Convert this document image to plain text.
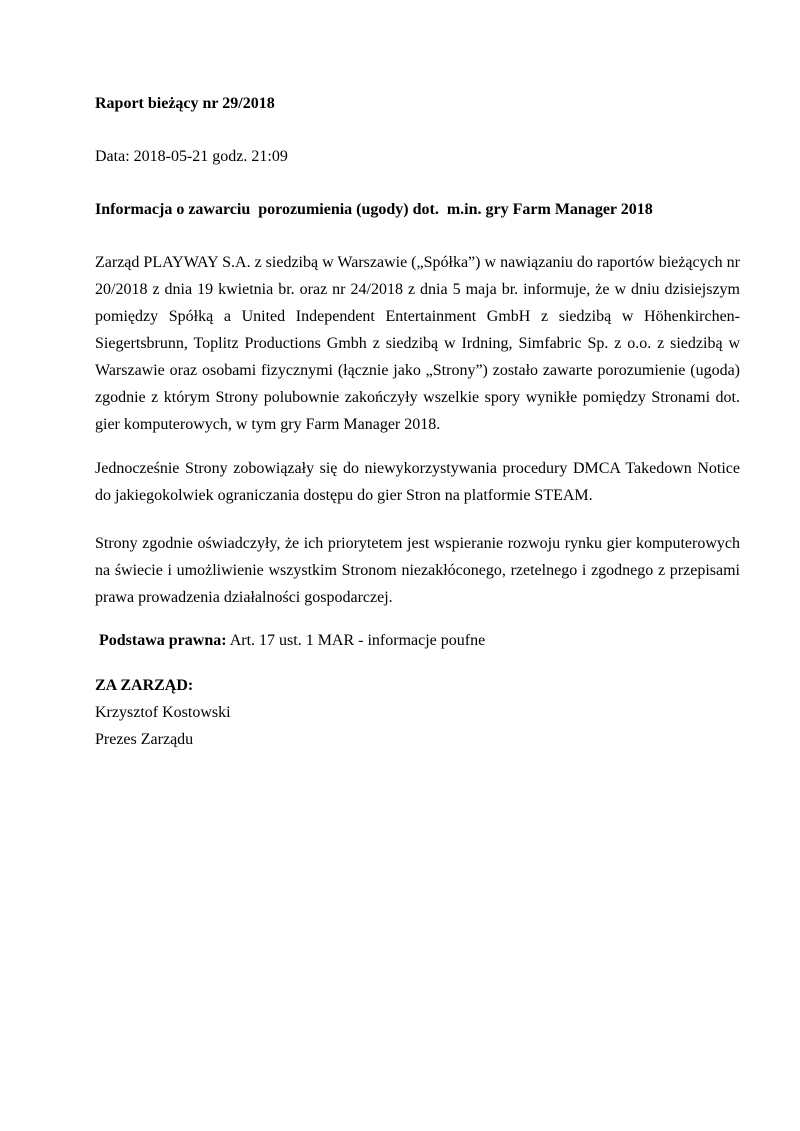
Raport bieżący nr 29/2018

Data: 2018-05-21 godz. 21:09

Informacja o zawarciu  porozumienia (ugody) dot.  m.in. gry Farm Manager 2018

Zarząd PLAYWAY S.A. z siedzibą w Warszawie („Spółka”) w nawiązaniu do raportów bieżących nr 20/2018 z dnia 19 kwietnia br. oraz nr 24/2018 z dnia 5 maja br. informuje, że w dniu dzisiejszym pomiędzy Spółką a United Independent Entertainment GmbH z siedzibą w Höhenkirchen-Siegertsbrunn, Toplitz Productions Gmbh z siedzibą w Irdning, Simfabric Sp. z o.o. z siedzibą w Warszawie oraz osobami fizycznymi (łącznie jako „Strony”) zostało zawarte porozumienie (ugoda) zgodnie z którym Strony polubownie zakończyły wszelkie spory wynikłe pomiędzy Stronami dot. gier komputerowych, w tym gry Farm Manager 2018.

Jednocześnie Strony zobowiązały się do niewykorzystywania procedury DMCA Takedown Notice do jakiegokolwiek ograniczania dostępu do gier Stron na platformie STEAM.

Strony zgodnie oświadczyły, że ich priorytetem jest wspieranie rozwoju rynku gier komputerowych na świecie i umożliwienie wszystkim Stronom niezakłóconego, rzetelnego i zgodnego z przepisami prawa prowadzenia działalności gospodarczej.

Podstawa prawna: Art. 17 ust. 1 MAR - informacje poufne

ZA ZARZĄD:

Krzysztof Kostowski

Prezes Zarządu
